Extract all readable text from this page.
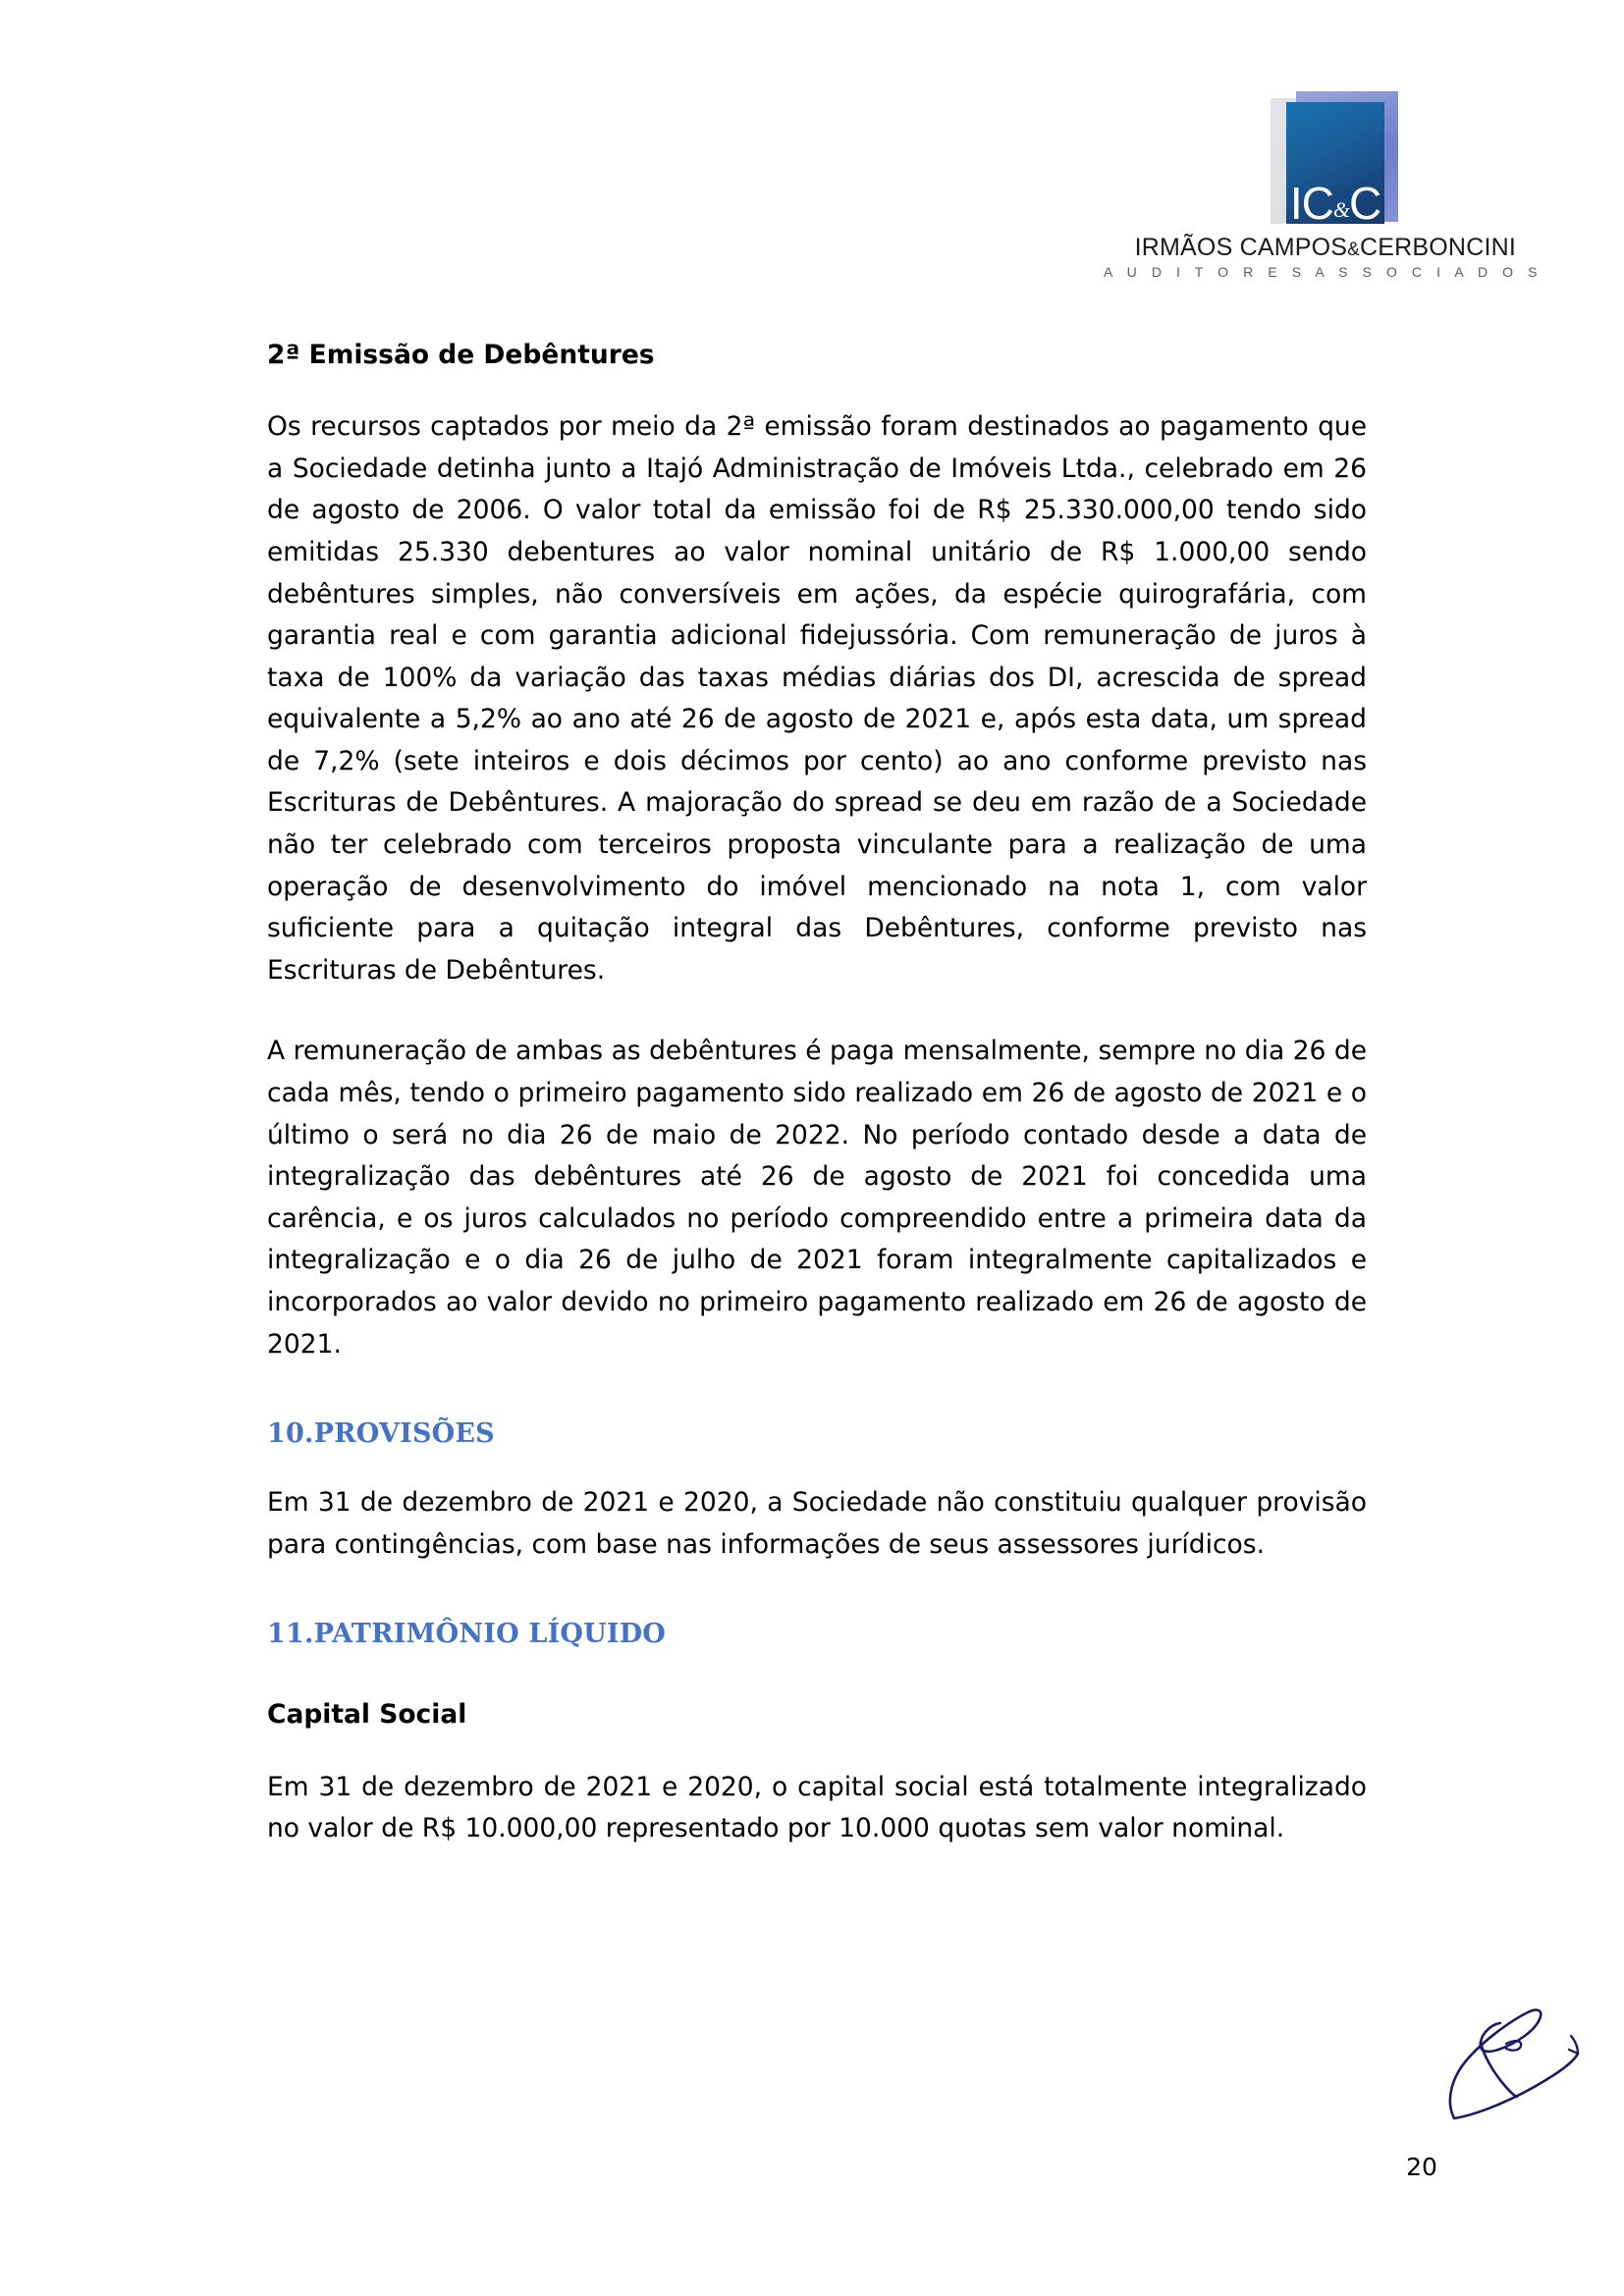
IC&C
IRMÃOS CAMPOS&CERBONCINI
A U D I T O R E S A S S O C I A D O S
2ª Emissão de Debêntures

Os recursos captados por meio da 2ª emissão foram destinados ao pagamento que a Sociedade detinha junto a Itajó Administração de Imóveis Ltda., celebrado em 26 de agosto de 2006. O valor total da emissão foi de R$ 25.330.000,00 tendo sido emitidas 25.330 debentures ao valor nominal unitário de R$ 1.000,00 sendo debêntures simples, não conversíveis em ações, da espécie quirografária, com garantia real e com garantia adicional fidejussória. Com remuneração de juros à taxa de 100% da variação das taxas médias diárias dos DI, acrescida de spread equivalente a 5,2% ao ano até 26 de agosto de 2021 e, após esta data, um spread de 7,2% (sete inteiros e dois décimos por cento) ao ano conforme previsto nas Escrituras de Debêntures. A majoração do spread se deu em razão de a Sociedade não ter celebrado com terceiros proposta vinculante para a realização de uma operação de desenvolvimento do imóvel mencionado na nota 1, com valor suficiente para a quitação integral das Debêntures, conforme previsto nas Escrituras de Debêntures.

A remuneração de ambas as debêntures é paga mensalmente, sempre no dia 26 de cada mês, tendo o primeiro pagamento sido realizado em 26 de agosto de 2021 e o último o será no dia 26 de maio de 2022. No período contado desde a data de integralização das debêntures até 26 de agosto de 2021 foi concedida uma carência, e os juros calculados no período compreendido entre a primeira data da integralização e o dia 26 de julho de 2021 foram integralmente capitalizados e incorporados ao valor devido no primeiro pagamento realizado em 26 de agosto de 2021.

10. PROVISÕES

Em 31 de dezembro de 2021 e 2020, a Sociedade não constituiu qualquer provisão para contingências, com base nas informações de seus assessores jurídicos.

11. PATRIMÔNIO LÍQUIDO
Capital Social

Em 31 de dezembro de 2021 e 2020, o capital social está totalmente integralizado no valor de R$ 10.000,00 representado por 10.000 quotas sem valor nominal.

20
